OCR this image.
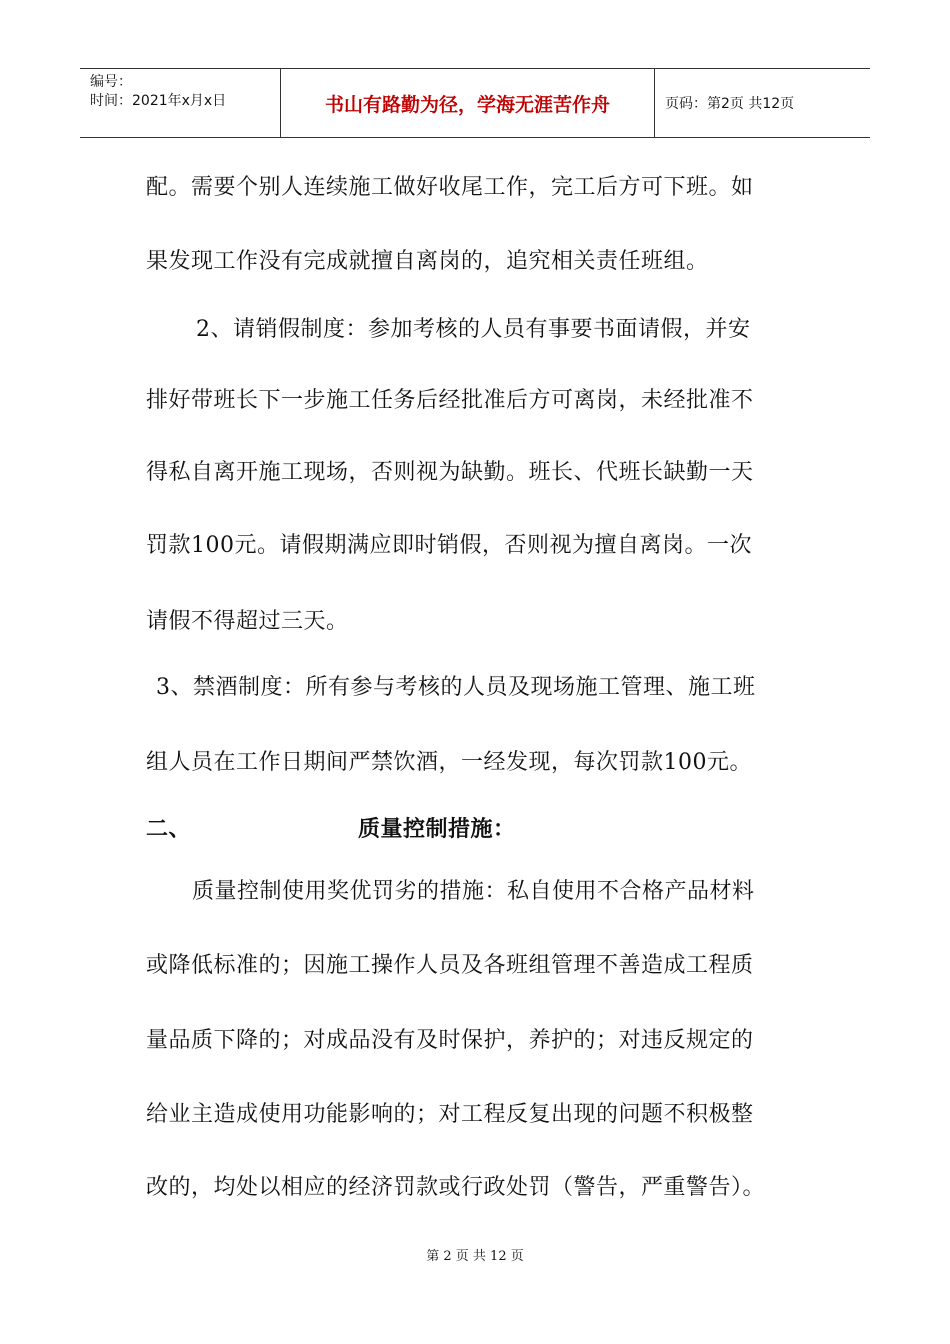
编号：
时间：2021年x月x日	书山有路勤为径，学海无涯苦作舟	页码：第2页 共12页
配。需要个别人连续施工做好收尾工作，完工后方可下班。如
果发现工作没有完成就擅自离岗的，追究相关责任班组。
2、请销假制度：参加考核的人员有事要书面请假，并安
排好带班长下一步施工任务后经批准后方可离岗，未经批准不
得私自离开施工现场，否则视为缺勤。班长、代班长缺勤一天
罚款100元。请假期满应即时销假，否则视为擅自离岗。一次
请假不得超过三天。
3、禁酒制度：所有参与考核的人员及现场施工管理、施工班
组人员在工作日期间严禁饮酒，一经发现，每次罚款100元。
二、	质量控制措施：
质量控制使用奖优罚劣的措施：私自使用不合格产品材料
或降低标准的；因施工操作人员及各班组管理不善造成工程质
量品质下降的；对成品没有及时保护，养护的；对违反规定的
给业主造成使用功能影响的；对工程反复出现的问题不积极整
改的，均处以相应的经济罚款或行政处罚（警告，严重警告）。
第 2 页 共 12 页
